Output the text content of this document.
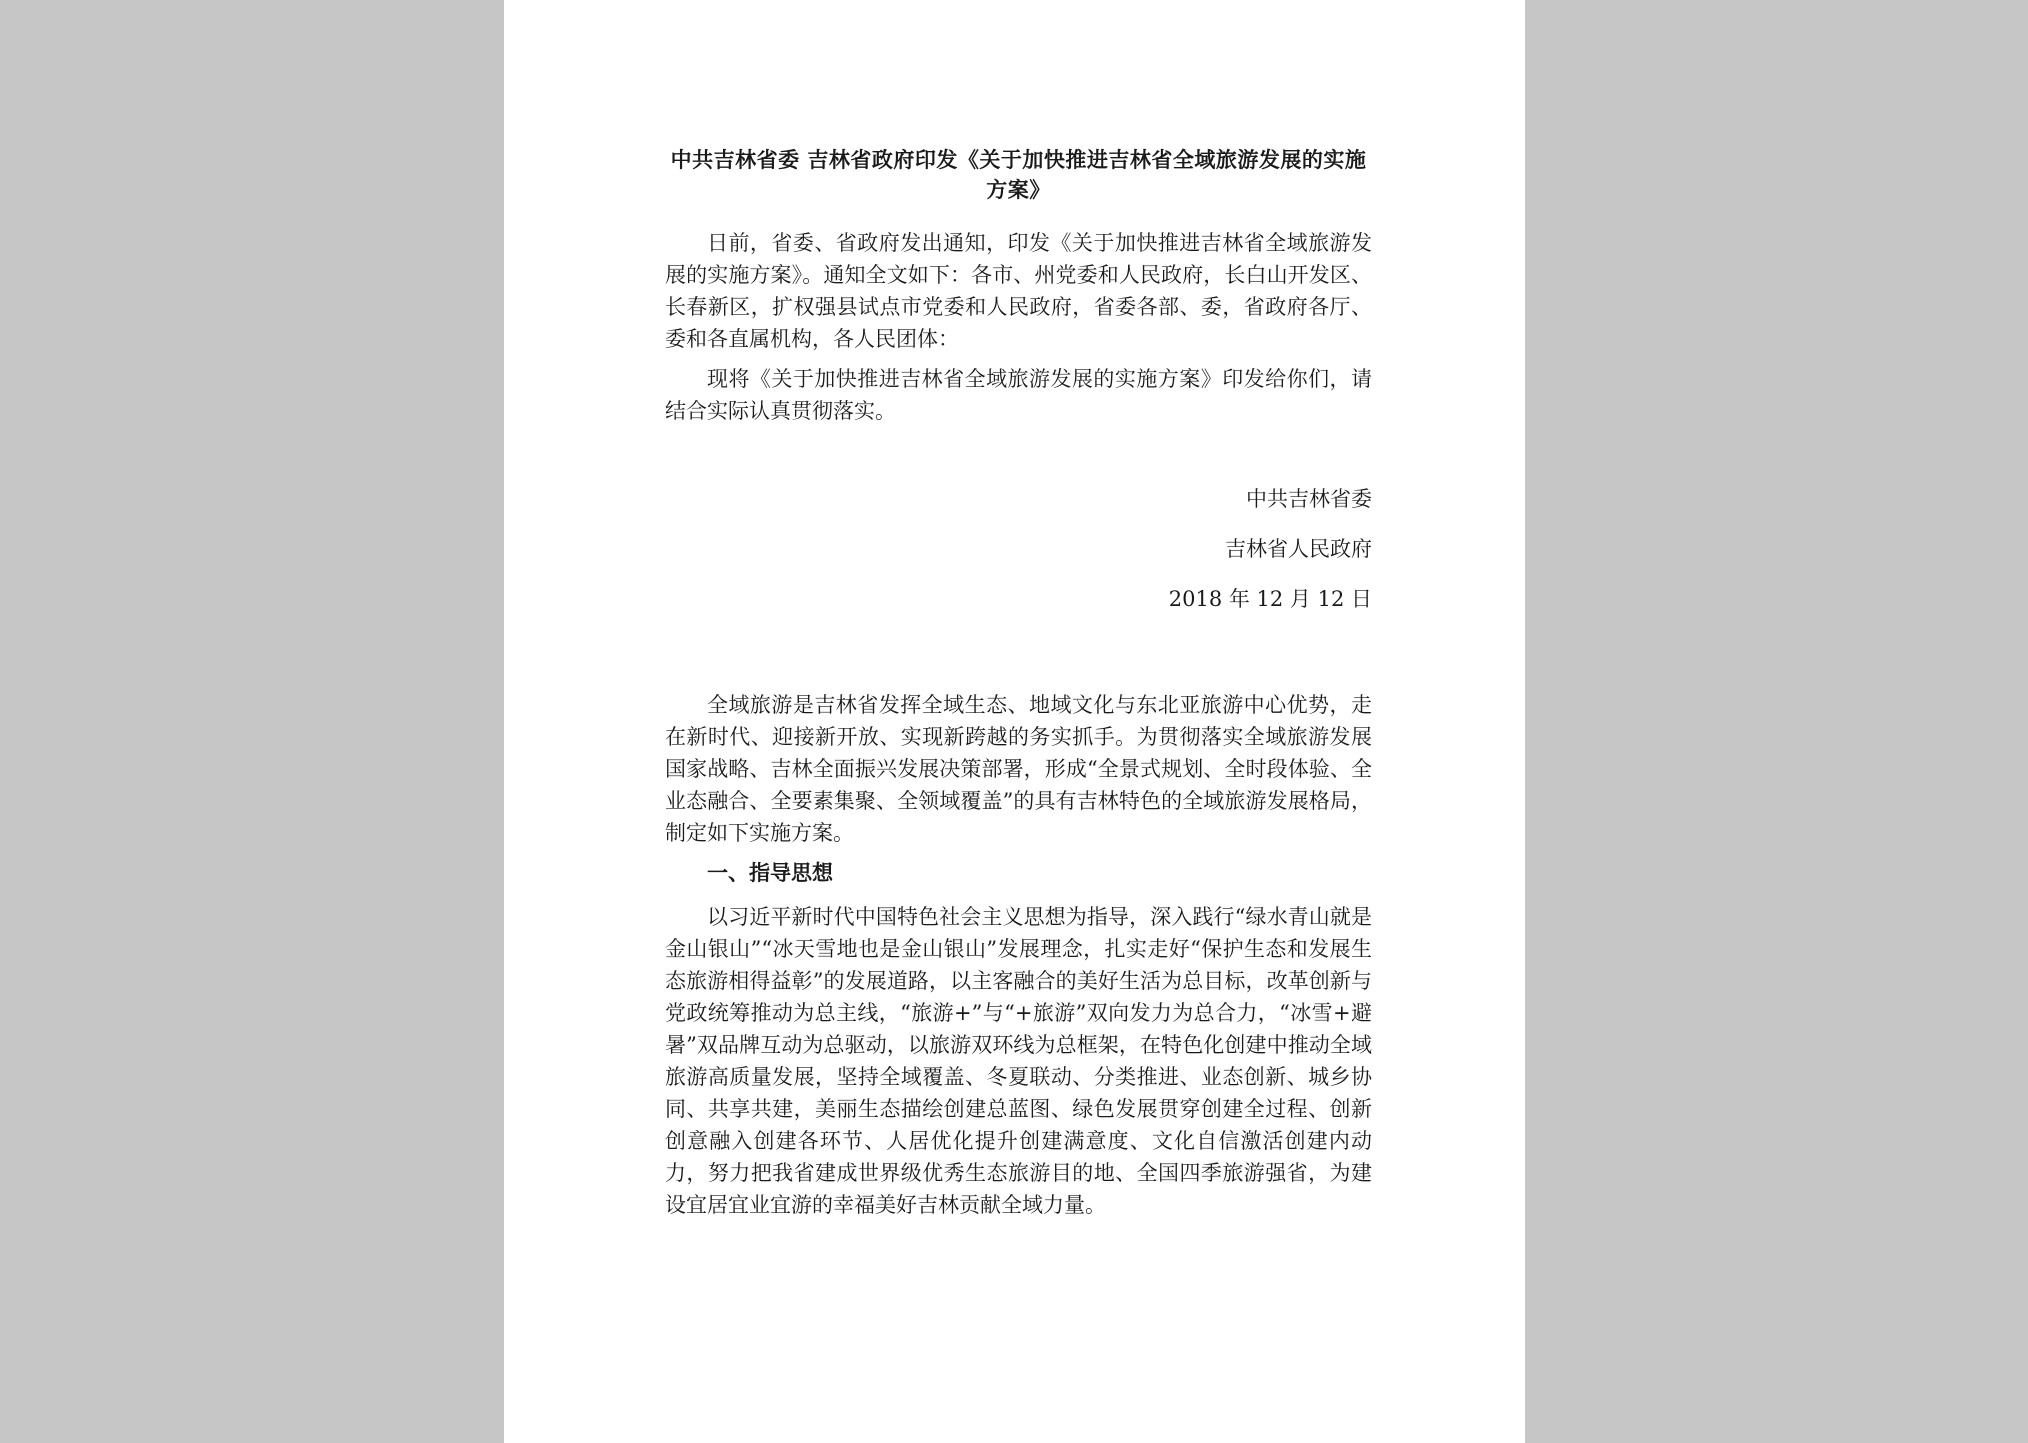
中共吉林省委 吉林省政府印发《关于加快推进吉林省全域旅游发展的实施方案》

日前，省委、省政府发出通知，印发《关于加快推进吉林省全域旅游发展的实施方案》。通知全文如下：各市、州党委和人民政府，长白山开发区、长春新区，扩权强县试点市党委和人民政府，省委各部、委，省政府各厅、委和各直属机构，各人民团体：

现将《关于加快推进吉林省全域旅游发展的实施方案》印发给你们，请结合实际认真贯彻落实。

中共吉林省委

吉林省人民政府

2018 年 12 月 12 日

全域旅游是吉林省发挥全域生态、地域文化与东北亚旅游中心优势，走在新时代、迎接新开放、实现新跨越的务实抓手。为贯彻落实全域旅游发展国家战略、吉林全面振兴发展决策部署，形成“全景式规划、全时段体验、全业态融合、全要素集聚、全领域覆盖”的具有吉林特色的全域旅游发展格局，制定如下实施方案。

一、指导思想

以习近平新时代中国特色社会主义思想为指导，深入践行“绿水青山就是金山银山”“冰天雪地也是金山银山”发展理念，扎实走好“保护生态和发展生态旅游相得益彰”的发展道路，以主客融合的美好生活为总目标，改革创新与党政统筹推动为总主线，“旅游+”与“+旅游”双向发力为总合力，“冰雪+避暑”双品牌互动为总驱动，以旅游双环线为总框架，在特色化创建中推动全域旅游高质量发展，坚持全域覆盖、冬夏联动、分类推进、业态创新、城乡协同、共享共建，美丽生态描绘创建总蓝图、绿色发展贯穿创建全过程、创新创意融入创建各环节、人居优化提升创建满意度、文化自信激活创建内动力，努力把我省建成世界级优秀生态旅游目的地、全国四季旅游强省，为建设宜居宜业宜游的幸福美好吉林贡献全域力量。
